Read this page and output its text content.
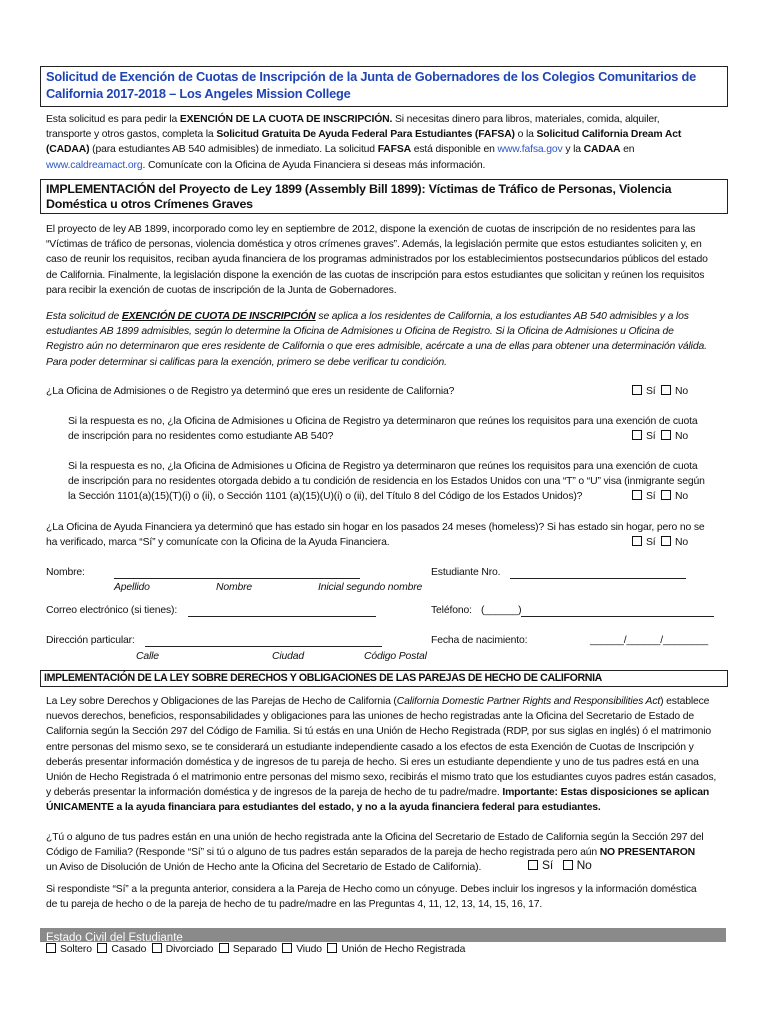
Solicitud de Exención de Cuotas de Inscripción de la Junta de Gobernadores de los Colegios Comunitarios de
California 2017-2018 – Los Angeles Mission College
Esta solicitud es para pedir la EXENCIÓN DE LA CUOTA DE INSCRIPCIÓN. Si necesitas dinero para libros, materiales, comida, alquiler,
transporte y otros gastos, completa la Solicitud Gratuita De Ayuda Federal Para Estudiantes (FAFSA) o la Solicitud California Dream Act
(CADAA) (para estudiantes AB 540 admisibles) de inmediato. La solicitud FAFSA está disponible en www.fafsa.gov y la CADAA en
www.caldreamact.org. Comunícate con la Oficina de Ayuda Financiera si deseas más información.
IMPLEMENTACIÓN del Proyecto de Ley 1899 (Assembly Bill 1899): Víctimas de Tráfico de Personas, Violencia
Doméstica u otros Crímenes Graves
El proyecto de ley AB 1899, incorporado como ley en septiembre de 2012, dispone la exención de cuotas de inscripción de no residentes para las
“Víctimas de tráfico de personas, violencia doméstica y otros crímenes graves”. Además, la legislación permite que estos estudiantes soliciten y, en
caso de reunir los requisitos, reciban ayuda financiera de los programas administrados por los establecimientos postsecundarios públicos del estado
de California. Finalmente, la legislación dispone la exención de las cuotas de inscripción para estos estudiantes que solicitan y reúnen los requisitos
para recibir la exención de cuotas de inscripción de la Junta de Gobernadores.
Esta solicitud de EXENCIÓN DE CUOTA DE INSCRIPCIÓN se aplica a los residentes de California, a los estudiantes AB 540 admisibles y a los
estudiantes AB 1899 admisibles, según lo determine la Oficina de Admisiones u Oficina de Registro. Si la Oficina de Admisiones u Oficina de
Registro aún no determinaron que eres residente de California o que eres admisible, acércate a una de ellas para obtener una determinación válida.
Para poder determinar si calificas para la exención, primero se debe verificar tu condición.
¿La Oficina de Admisiones o de Registro ya determinó que eres un residente de California?	Sí No
Si la respuesta es no, ¿la Oficina de Admisiones u Oficina de Registro ya determinaron que reúnes los requisitos para una exención de cuota
de inscripción para no residentes como estudiante AB 540?	Sí No
Si la respuesta es no, ¿la Oficina de Admisiones u Oficina de Registro ya determinaron que reúnes los requisitos para una exención de cuota
de inscripción para no residentes otorgada debido a tu condición de residencia en los Estados Unidos con una “T” o “U” visa (inmigrante según
la Sección 1101(a)(15)(T)(i) o (ii), o Sección 1101 (a)(15)(U)(i) o (ii), del Título 8 del Código de los Estados Unidos)?	Sí No
¿La Oficina de Ayuda Financiera ya determinó que has estado sin hogar en los pasados 24 meses (homeless)? Si has estado sin hogar, pero no se
ha verificado, marca “Sí” y comunícate con la Oficina de la Ayuda Financiera.	Sí No
Nombre:
Apellido	Nombre	Inicial segundo nombre
Estudiante Nro.
Correo electrónico (si tienes):	Teléfono: (______)
Dirección particular:
Calle	Ciudad	Código Postal
Fecha de nacimiento:	______/______/________
IMPLEMENTACIÓN DE LA LEY SOBRE DERECHOS Y OBLIGACIONES DE LAS PAREJAS DE HECHO DE CALIFORNIA
La Ley sobre Derechos y Obligaciones de las Parejas de Hecho de California (California Domestic Partner Rights and Responsibilities Act) establece
nuevos derechos, beneficios, responsabilidades y obligaciones para las uniones de hecho registradas ante la Oficina del Secretario de Estado de
California según la Sección 297 del Código de Familia. Si tú estás en una Unión de Hecho Registrada (RDP, por sus siglas en inglés) ó el matrimonio
entre personas del mismo sexo, se te considerará un estudiante independiente casado a los efectos de esta Exención de Cuotas de Inscripción y
deberás presentar información doméstica y de ingresos de tu pareja de hecho. Si eres un estudiante dependiente y uno de tus padres está en una
Unión de Hecho Registrada ó el matrimonio entre personas del mismo sexo, recibirás el mismo trato que los estudiantes cuyos padres están casados,
y deberás presentar la información doméstica y de ingresos de la pareja de hecho de tu padre/madre. Importante: Estas disposiciones se aplican
ÚNICAMENTE a la ayuda financiara para estudiantes del estado, y no a la ayuda financiera federal para estudiantes.
¿Tú o alguno de tus padres están en una unión de hecho registrada ante la Oficina del Secretario de Estado de California según la Sección 297 del
Código de Familia? (Responde “Sí” si tú o alguno de tus padres están separados de la pareja de hecho registrada pero aún NO PRESENTARON
un Aviso de Disolución de Unión de Hecho ante la Oficina del Secretario de Estado de California).	Sí No
Si respondiste “Sí” a la pregunta anterior, considera a la Pareja de Hecho como un cónyuge. Debes incluir los ingresos y la información doméstica
de tu pareja de hecho o de la pareja de hecho de tu padre/madre en las Preguntas 4, 11, 12, 13, 14, 15, 16, 17.
Estado Civil del Estudiante
Soltero Casado Divorciado Separado Viudo Unión de Hecho Registrada
